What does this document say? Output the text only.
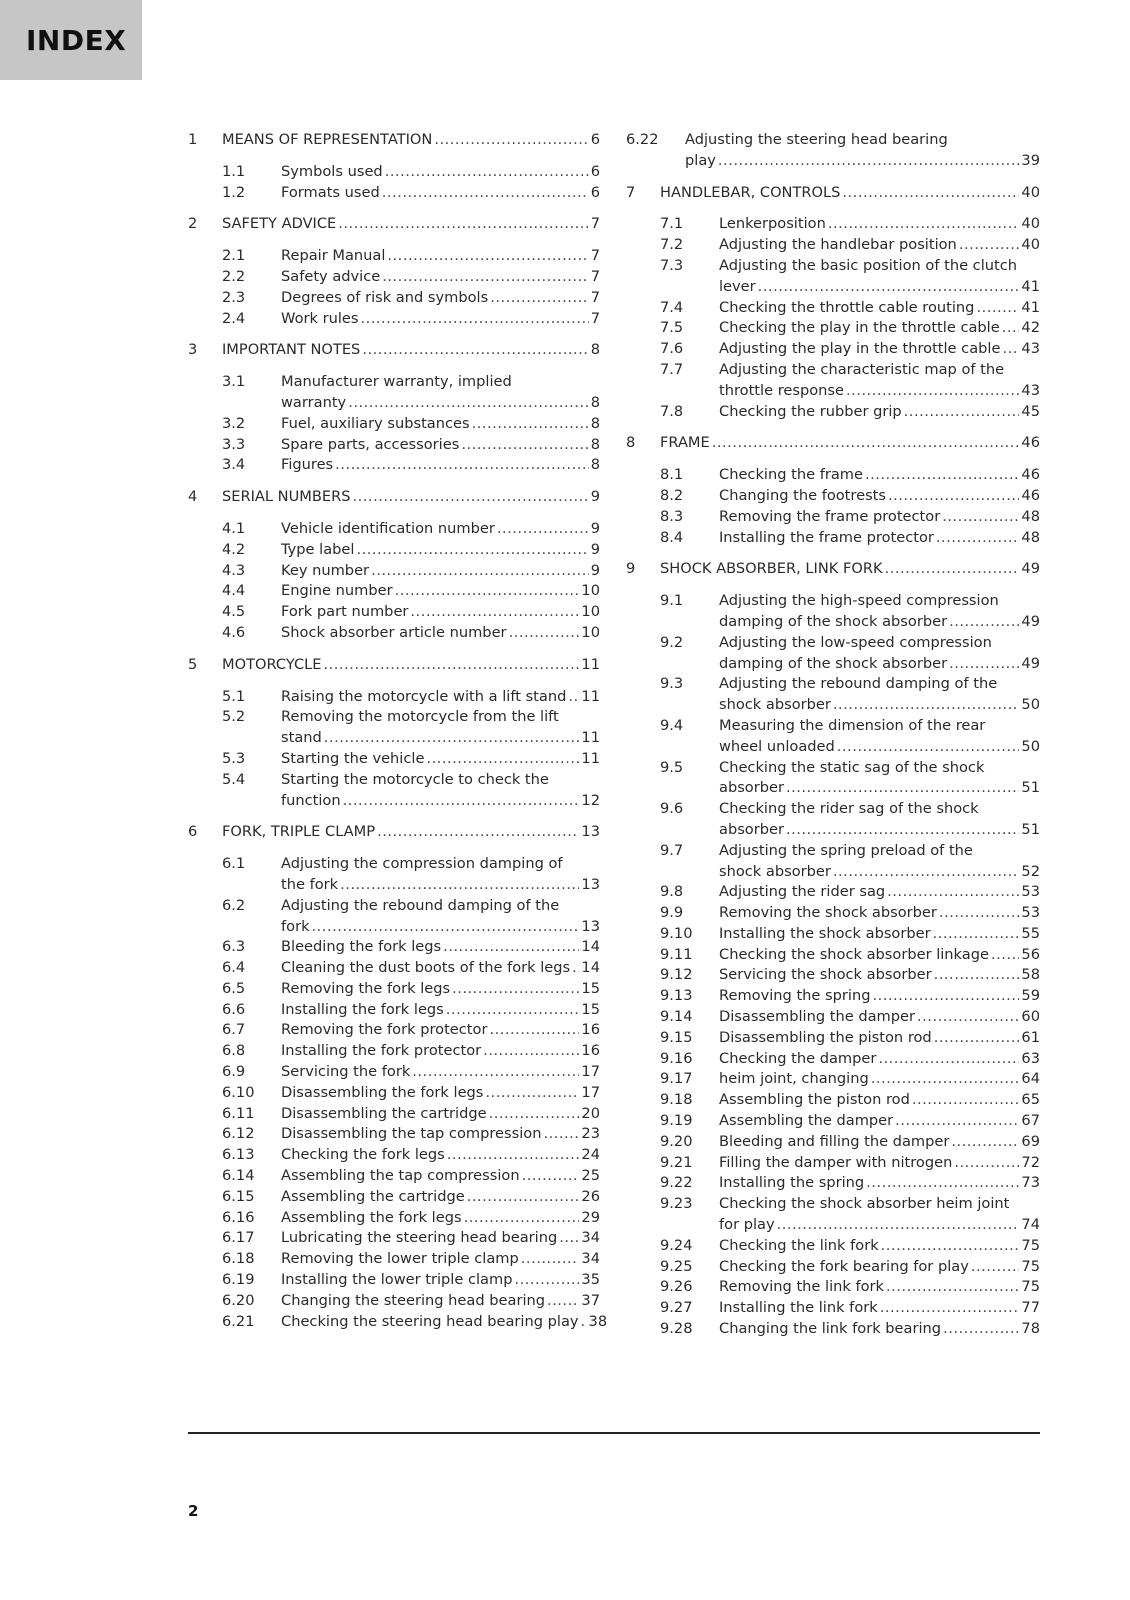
INDEX
1	MEANS OF REPRESENTATION .....	6
1.1	Symbols used .....	6
1.2	Formats used .....	6
2	SAFETY ADVICE .....	7
2.1	Repair Manual .....	7
2.2	Safety advice .....	7
2.3	Degrees of risk and symbols .....	7
2.4	Work rules .....	7
3	IMPORTANT NOTES .....	8
3.1	Manufacturer warranty, implied
warranty .....	8
3.2	Fuel, auxiliary substances .....	8
3.3	Spare parts, accessories .....	8
3.4	Figures .....	8
4	SERIAL NUMBERS .....	9
4.1	Vehicle identification number .....	9
4.2	Type label .....	9
4.3	Key number .....	9
4.4	Engine number .....	10
4.5	Fork part number .....	10
4.6	Shock absorber article number .....	10
5	MOTORCYCLE .....	11
5.1	Raising the motorcycle with a lift stand ..... 11
5.2	Removing the motorcycle from the lift
stand .....	11
5.3	Starting the vehicle .....	11
5.4	Starting the motorcycle to check the
function .....	12
6	FORK, TRIPLE CLAMP .....	13
6.1	Adjusting the compression damping of
the fork .....	13
6.2	Adjusting the rebound damping of the
fork .....	13
6.3	Bleeding the fork legs .....	14
6.4	Cleaning the dust boots of the fork legs ..... 14
6.5	Removing the fork legs .....	15
6.6	Installing the fork legs .....	15
6.7	Removing the fork protector .....	16
6.8	Installing the fork protector .....	16
6.9	Servicing the fork .....	17
6.10	Disassembling the fork legs .....	17
6.11	Disassembling the cartridge .....	20
6.12	Disassembling the tap compression .....	23
6.13	Checking the fork legs .....	24
6.14	Assembling the tap compression .....	25
6.15	Assembling the cartridge .....	26
6.16	Assembling the fork legs .....	29
6.17	Lubricating the steering head bearing ..... 34
6.18	Removing the lower triple clamp .....	34
6.19	Installing the lower triple clamp .....	35
6.20	Changing the steering head bearing ..... 37
6.21	Checking the steering head bearing play ..... 38
6.22	Adjusting the steering head bearing
play .....	39
7	HANDLEBAR, CONTROLS .....	40
7.1	Lenkerposition .....	40
7.2	Adjusting the handlebar position .....	40
7.3	Adjusting the basic position of the clutch
lever .....	41
7.4	Checking the throttle cable routing .....	41
7.5	Checking the play in the throttle cable ..... 42
7.6	Adjusting the play in the throttle cable ..... 43
7.7	Adjusting the characteristic map of the
throttle response .....	43
7.8	Checking the rubber grip .....	45
8	FRAME .....	46
8.1	Checking the frame .....	46
8.2	Changing the footrests .....	46
8.3	Removing the frame protector .....	48
8.4	Installing the frame protector .....	48
9	SHOCK ABSORBER, LINK FORK .....	49
9.1	Adjusting the high-speed compression
damping of the shock absorber .....	49
9.2	Adjusting the low-speed compression
damping of the shock absorber .....	49
9.3	Adjusting the rebound damping of the
shock absorber .....	50
9.4	Measuring the dimension of the rear
wheel unloaded .....	50
9.5	Checking the static sag of the shock
absorber .....	51
9.6	Checking the rider sag of the shock
absorber .....	51
9.7	Adjusting the spring preload of the
shock absorber .....	52
9.8	Adjusting the rider sag .....	53
9.9	Removing the shock absorber .....	53
9.10	Installing the shock absorber .....	55
9.11	Checking the shock absorber linkage ..... 56
9.12	Servicing the shock absorber .....	58
9.13	Removing the spring .....	59
9.14	Disassembling the damper .....	60
9.15	Disassembling the piston rod .....	61
9.16	Checking the damper .....	63
9.17	heim joint, changing .....	64
9.18	Assembling the piston rod .....	65
9.19	Assembling the damper .....	67
9.20	Bleeding and filling the damper .....	69
9.21	Filling the damper with nitrogen .....	72
9.22	Installing the spring .....	73
9.23	Checking the shock absorber heim joint
for play .....	74
9.24	Checking the link fork .....	75
9.25	Checking the fork bearing for play .....	75
9.26	Removing the link fork .....	75
9.27	Installing the link fork .....	77
9.28	Changing the link fork bearing .....	78
2
